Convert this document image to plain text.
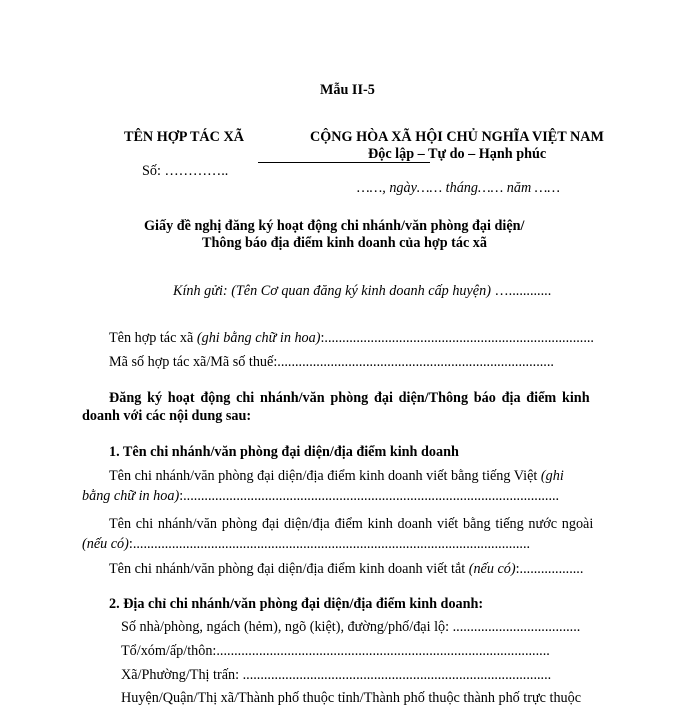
Mẫu II-5
TÊN HỢP TÁC XÃ
Số: …………..
CỘNG HÒA XÃ HỘI CHỦ NGHĨA VIỆT NAM
Độc lập – Tự do – Hạnh phúc
……, ngày…… tháng…… năm ……
Giấy đề nghị đăng ký hoạt động chi nhánh/văn phòng đại diện/
Thông báo địa điểm kinh doanh của hợp tác xã
Kính gửi: (Tên Cơ quan đăng ký kinh doanh cấp huyện) …............
Tên hợp tác xã (ghi bằng chữ in hoa):............................................................................
Mã số hợp tác xã/Mã số thuế:..............................................................................
Đăng ký hoạt động chi nhánh/văn phòng đại diện/Thông báo địa điểm kinh
doanh với các nội dung sau:
1. Tên chi nhánh/văn phòng đại diện/địa điểm kinh doanh
Tên chi nhánh/văn phòng đại diện/địa điểm kinh doanh viết bằng tiếng Việt (ghi
bằng chữ in hoa):..........................................................................................................
Tên chi nhánh/văn phòng đại diện/địa điểm kinh doanh viết bằng tiếng nước ngoài
(nếu có):................................................................................................................
Tên chi nhánh/văn phòng đại diện/địa điểm kinh doanh viết tắt (nếu có):..................
2. Địa chỉ chi nhánh/văn phòng đại diện/địa điểm kinh doanh:
Số nhà/phòng, ngách (hẻm), ngõ (kiệt), đường/phố/đại lộ: ....................................
Tổ/xóm/ấp/thôn:..............................................................................................
Xã/Phường/Thị trấn: .......................................................................................
Huyện/Quận/Thị xã/Thành phố thuộc tỉnh/Thành phố thuộc thành phố trực thuộc
